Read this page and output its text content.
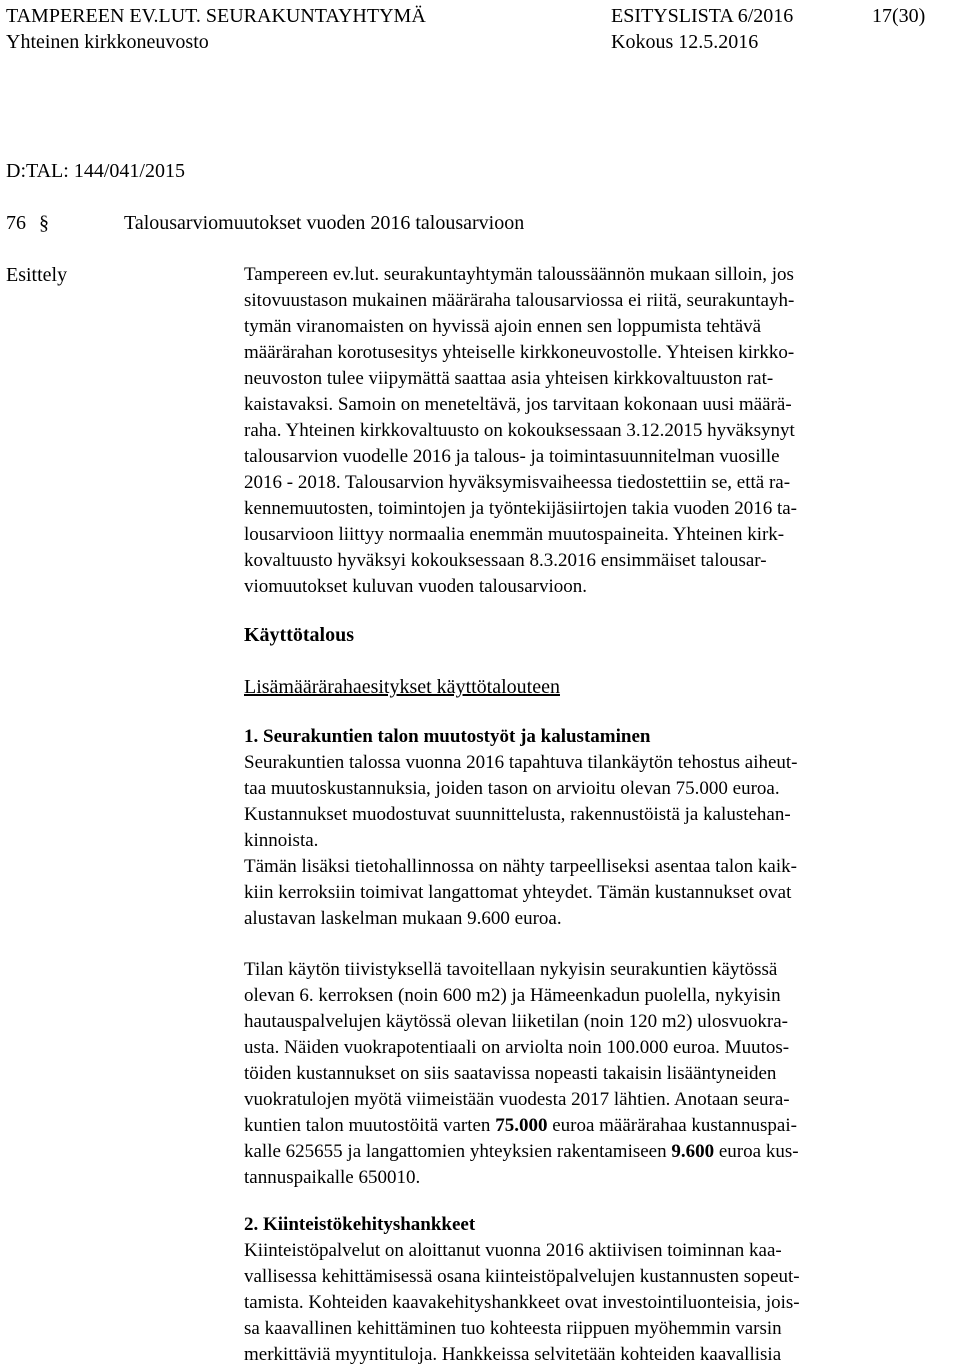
TAMPEREEN EV.LUT. SEURAKUNTAYHTYMÄ	ESITYSLISTA 6/2016	17(30)
Yhteinen kirkkoneuvosto	Kokous 12.5.2016
D:TAL: 144/041/2015
76 §	Talousarviomuutokset vuoden 2016 talousarvioon
Esittely	Tampereen ev.lut. seurakuntayhtymän taloussäännön mukaan silloin, jos
sitovuustason mukainen määräraha talousarviossa ei riitä, seurakuntayh-
tymän viranomaisten on hyvissä ajoin ennen sen loppumista tehtävä
määrärahan korotusesitys yhteiselle kirkkoneuvostolle. Yhteisen kirkko-
neuvoston tulee viipymättä saattaa asia yhteisen kirkkovaltuuston rat-
kaistavaksi. Samoin on meneteltävä, jos tarvitaan kokonaan uusi määrä-
raha. Yhteinen kirkkovaltuusto on kokouksessaan 3.12.2015 hyväksynyt
talousarvion vuodelle 2016 ja talous- ja toimintasuunnitelman vuosille
2016 - 2018. Talousarvion hyväksymisvaiheessa tiedostettiin se, että ra-
kennemuutosten, toimintojen ja työntekijäsiirtojen takia vuoden 2016 ta-
lousarvioon liittyy normaalia enemmän muutospaineita. Yhteinen kirk-
kovaltuusto hyväksyi kokouksessaan 8.3.2016 ensimmäiset talousar-
viomuutokset kuluvan vuoden talousarvioon.
Käyttötalous
Lisämäärärahaesitykset käyttötalouteen
1. Seurakuntien talon muutostyöt ja kalustaminen
Seurakuntien talossa vuonna 2016 tapahtuva tilankäytön tehostus aiheut-
taa muutoskustannuksia, joiden tason on arvioitu olevan 75.000 euroa.
Kustannukset muodostuvat suunnittelusta, rakennustöistä ja kalustehan-
kinnoista.
Tämän lisäksi tietohallinnossa on nähty tarpeelliseksi asentaa talon kaik-
kiin kerroksiin toimivat langattomat yhteydet. Tämän kustannukset ovat
alustavan laskelman mukaan 9.600 euroa.
Tilan käytön tiivistyksellä tavoitellaan nykyisin seurakuntien käytössä
olevan 6. kerroksen (noin 600 m2) ja Hämeenkadun puolella, nykyisin
hautauspalvelujen käytössä olevan liiketilan (noin 120 m2) ulosvuokra-
usta. Näiden vuokrapotentiaali on arviolta noin 100.000 euroa. Muutos-
töiden kustannukset on siis saatavissa nopeasti takaisin lisääntyneiden
vuokratulojen myötä viimeistään vuodesta 2017 lähtien. Anotaan seura-
kuntien talon muutostöitä varten 75.000 euroa määrärahaa kustannuspai-
kalle 625655 ja langattomien yhteyksien rakentamiseen 9.600 euroa kus-
tannuspaikalle 650010.
2. Kiinteistökehityshankkeet
Kiinteistöpalvelut on aloittanut vuonna 2016 aktiivisen toiminnan kaa-
vallisessa kehittämisessä osana kiinteistöpalvelujen kustannusten sopeut-
tamista. Kohteiden kaavakehityshankkeet ovat investointiluonteisia, jois-
sa kaavallinen kehittäminen tuo kohteesta riippuen myöhemmin varsin
merkittäviä myyntituloja. Hankkeissa selvitetään kohteiden kaavallisia
